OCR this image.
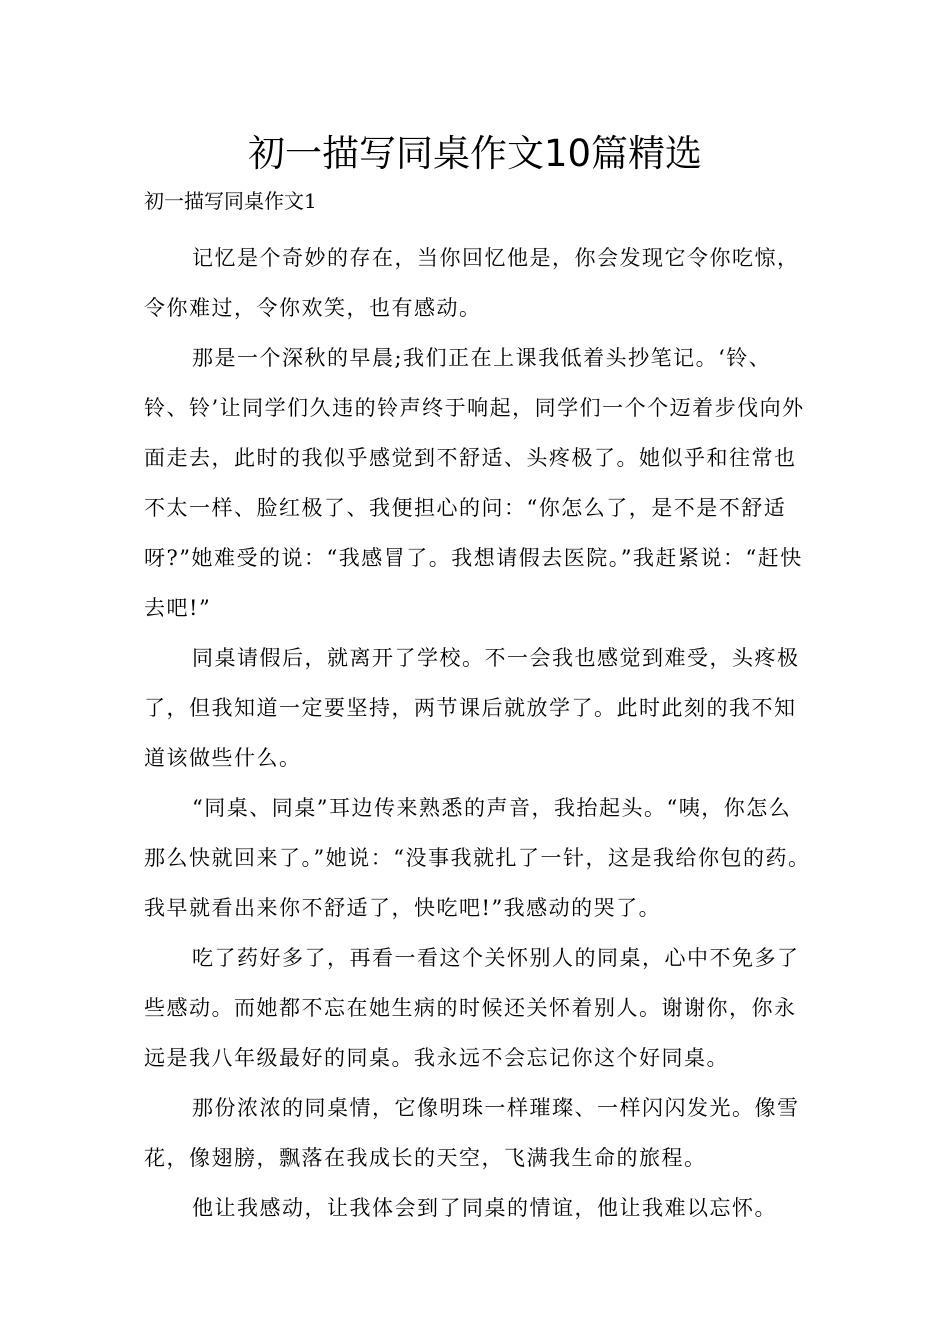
初一描写同桌作文10篇精选
初一描写同桌作文1

记忆是个奇妙的存在，当你回忆他是，你会发现它令你吃惊，令你难过，令你欢笑，也有感动。

那是一个深秋的早晨;我们正在上课我低着头抄笔记。‘铃、铃、铃’让同学们久违的铃声终于响起，同学们一个个迈着步伐向外面走去，此时的我似乎感觉到不舒适、头疼极了。她似乎和往常也不太一样、脸红极了、我便担心的问：“你怎么了，是不是不舒适呀?”她难受的说：“我感冒了。我想请假去医院。”我赶紧说：“赶快去吧!”

同桌请假后，就离开了学校。不一会我也感觉到难受，头疼极了，但我知道一定要坚持，两节课后就放学了。此时此刻的我不知道该做些什么。

“同桌、同桌”耳边传来熟悉的声音，我抬起头。“咦，你怎么那么快就回来了。”她说：“没事我就扎了一针，这是我给你包的药。我早就看出来你不舒适了，快吃吧!”我感动的哭了。

吃了药好多了，再看一看这个关怀别人的同桌，心中不免多了些感动。而她都不忘在她生病的时候还关怀着别人。谢谢你，你永远是我八年级最好的同桌。我永远不会忘记你这个好同桌。

那份浓浓的同桌情，它像明珠一样璀璨、一样闪闪发光。像雪花，像翅膀，飘落在我成长的天空，飞满我生命的旅程。

他让我感动，让我体会到了同桌的情谊，他让我难以忘怀。
